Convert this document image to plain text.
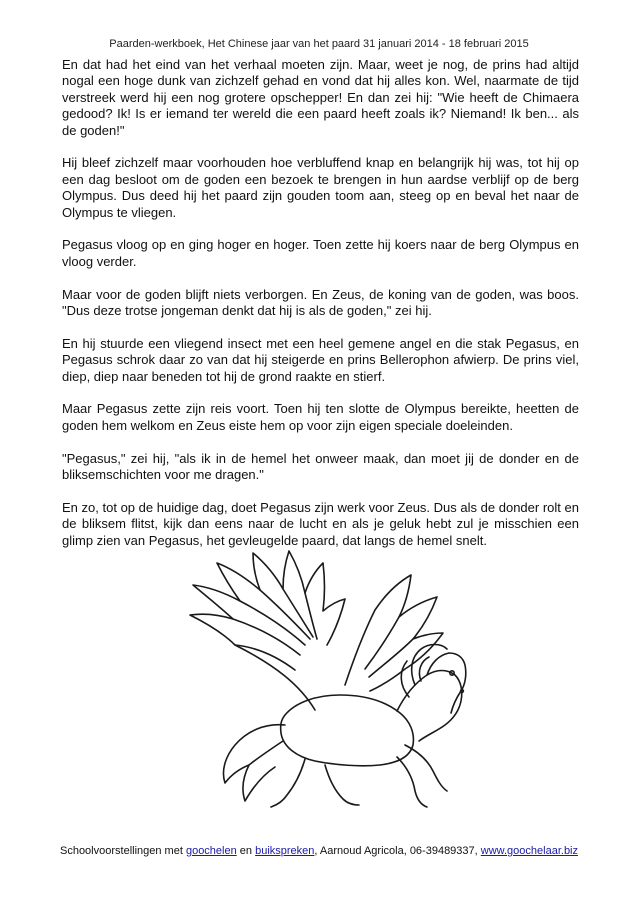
Paarden-werkboek, Het Chinese jaar van het paard 31 januari 2014 - 18 februari 2015

En dat had het eind van het verhaal moeten zijn. Maar, weet je nog, de prins had altijd nogal een hoge dunk van zichzelf gehad en vond dat hij alles kon. Wel, naarmate de tijd verstreek werd hij een nog grotere opschepper! En dan zei hij: "Wie heeft de Chimaera gedood? Ik! Is er iemand ter wereld die een paard heeft zoals ik? Niemand! Ik ben... als de goden!"

Hij bleef zichzelf maar voorhouden hoe verbluffend knap en belangrijk hij was, tot hij op een dag besloot om de goden een bezoek te brengen in hun aardse verblijf op de berg Olympus. Dus deed hij het paard zijn gouden toom aan, steeg op en beval het naar de Olympus te vliegen.

Pegasus vloog op en ging hoger en hoger. Toen zette hij koers naar de berg Olympus en vloog verder.

Maar voor de goden blijft niets verborgen. En Zeus, de koning van de goden, was boos. "Dus deze trotse jongeman denkt dat hij is als de goden," zei hij.

En hij stuurde een vliegend insect met een heel gemene angel en die stak Pegasus, en Pegasus schrok daar zo van dat hij steigerde en prins Bellerophon afwierp. De prins viel, diep, diep naar beneden tot hij de grond raakte en stierf.

Maar Pegasus zette zijn reis voort. Toen hij ten slotte de Olympus bereikte, heetten de goden hem welkom en Zeus eiste hem op voor zijn eigen speciale doeleinden.

"Pegasus," zei hij, "als ik in de hemel het onweer maak, dan moet jij de donder en de bliksemschichten voor me dragen."

En zo, tot op de huidige dag, doet Pegasus zijn werk voor Zeus. Dus als de donder rolt en de bliksem flitst, kijk dan eens naar de lucht en als je geluk hebt zul je misschien een glimp zien van Pegasus, het gevleugelde paard, dat langs de hemel snelt.

Schoolvoorstellingen met goochelen en buikspreken, Aarnoud Agricola, 06-39489337, www.goochelaar.biz
